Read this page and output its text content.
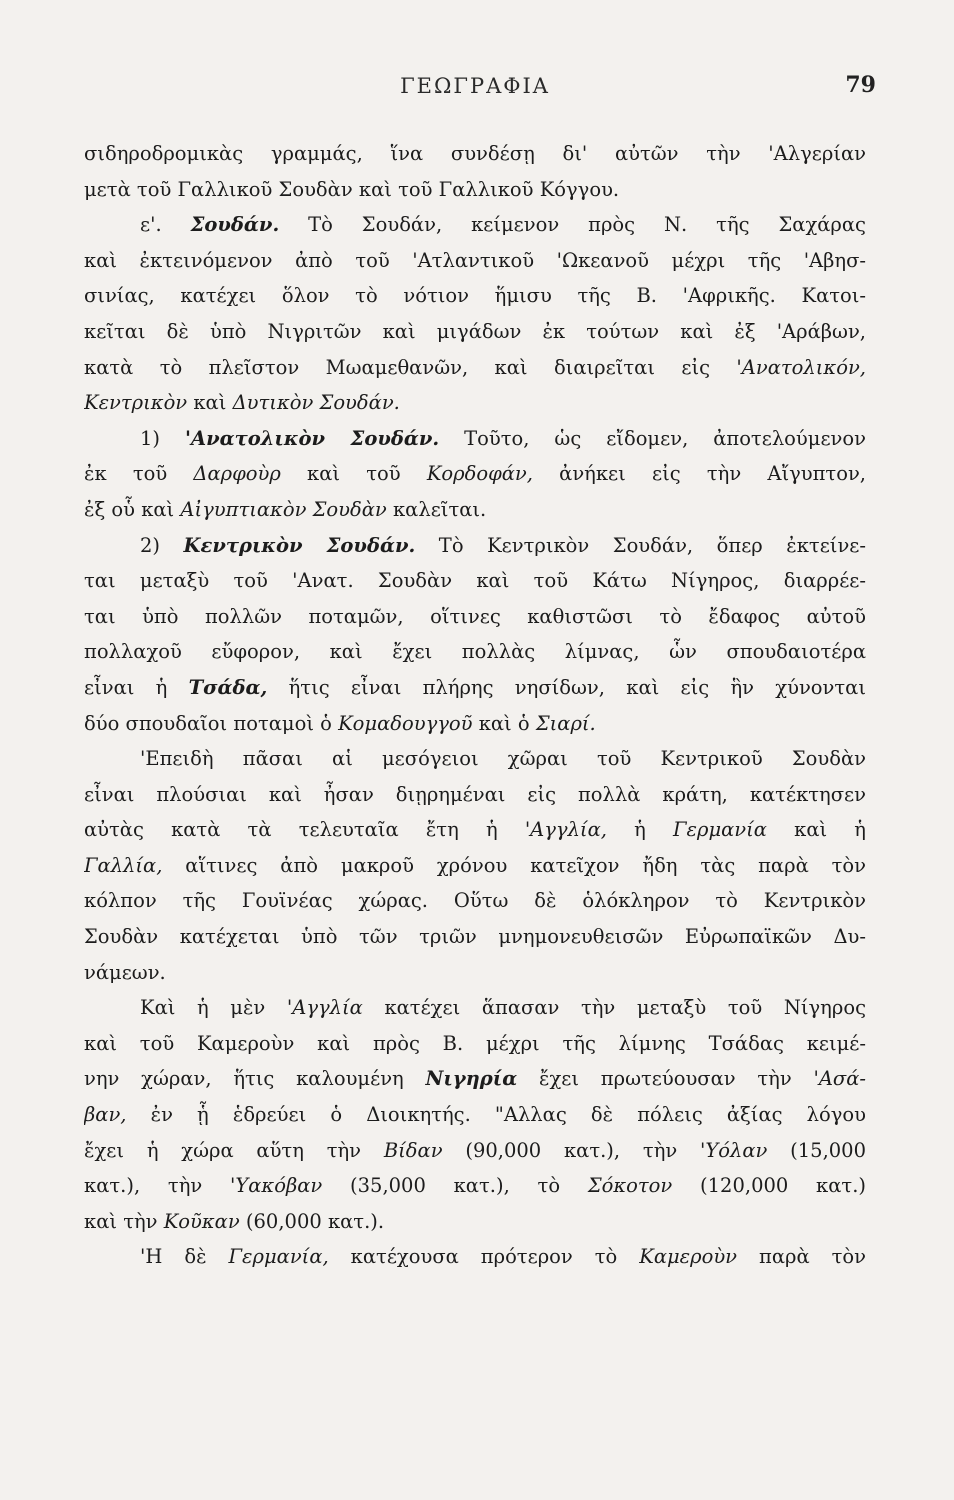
ΓΕΩΓΡΑΦΙΑ	79
σιδηροδρομικὰς γραμμάς, ἵνα συνδέσῃ δι' αὐτῶν τὴν 'Αλγερίαν
μετὰ τοῦ Γαλλικοῦ Σουδὰν καὶ τοῦ Γαλλικοῦ Κόγγου.
ε'. Σουδάν. Τὸ Σουδάν, κείμενον πρὸς Ν. τῆς Σαχάρας
καὶ ἐκτεινόμενον ἀπὸ τοῦ 'Ατλαντικοῦ 'Ωκεανοῦ μέχρι τῆς 'Αβησ-
σινίας, κατέχει ὅλον τὸ νότιον ἥμισυ τῆς Β. 'Αφρικῆς. Κατοι-
κεῖται δὲ ὑπὸ Νιγριτῶν καὶ μιγάδων ἐκ τούτων καὶ ἐξ 'Αράβων,
κατὰ τὸ πλεῖστον Μωαμεθανῶν, καὶ διαιρεῖται εἰς 'Ανατολικόν,
Κεντρικὸν καὶ Δυτικὸν Σουδάν.
1) 'Ανατολικὸν Σουδάν. Τοῦτο, ὡς εἴδομεν, ἀποτελούμενον
ἐκ τοῦ Δαρφοὺρ καὶ τοῦ Κορδοφάν, ἀνήκει εἰς τὴν Αἴγυπτον,
ἐξ οὗ καὶ Αἰγυπτιακὸν Σουδὰν καλεῖται.
2) Κεντρικὸν Σουδάν. Τὸ Κεντρικὸν Σουδάν, ὅπερ ἐκτείνε-
ται μεταξὺ τοῦ 'Ανατ. Σουδὰν καὶ τοῦ Κάτω Νίγηρος, διαρρέε-
ται ὑπὸ πολλῶν ποταμῶν, οἵτινες καθιστῶσι τὸ ἔδαφος αὐτοῦ
πολλαχοῦ εὔφορον, καὶ ἔχει πολλὰς λίμνας, ὧν σπουδαιοτέρα
εἶναι ἡ Τσάδα, ἥτις εἶναι πλήρης νησίδων, καὶ εἰς ἣν χύνονται
δύο σπουδαῖοι ποταμοὶ ὁ Κομαδουγγοῦ καὶ ὁ Σιαρί.
'Επειδὴ πᾶσαι αἱ μεσόγειοι χῶραι τοῦ Κεντρικοῦ Σουδὰν
εἶναι πλούσιαι καὶ ἦσαν διῃρημέναι εἰς πολλὰ κράτη, κατέκτησεν
αὐτὰς κατὰ τὰ τελευταῖα ἔτη ἡ 'Αγγλία, ἡ Γερμανία καὶ ἡ
Γαλλία, αἵτινες ἀπὸ μακροῦ χρόνου κατεῖχον ἤδη τὰς παρὰ τὸν
κόλπον τῆς Γουϊνέας χώρας. Οὕτω δὲ ὁλόκληρον τὸ Κεντρικὸν
Σουδὰν κατέχεται ὑπὸ τῶν τριῶν μνημονευθεισῶν Εὐρωπαϊκῶν Δυ-
νάμεων.
Καὶ ἡ μὲν 'Αγγλία κατέχει ἅπασαν τὴν μεταξὺ τοῦ Νίγηρος
καὶ τοῦ Καμεροὺν καὶ πρὸς Β. μέχρι τῆς λίμνης Τσάδας κειμέ-
νην χώραν, ἥτις καλουμένη Νιγηρία ἔχει πρωτεύουσαν τὴν 'Ασά-
βαν, ἐν ᾗ ἑδρεύει ὁ Διοικητής. "Αλλας δὲ πόλεις ἀξίας λόγου
ἔχει ἡ χώρα αὕτη τὴν Βίδαν (90,000 κατ.), τὴν 'Υόλαν (15,000
κατ.), τὴν 'Υακόβαν (35,000 κατ.), τὸ Σόκοτον (120,000 κατ.)
καὶ τὴν Κοῦκαν (60,000 κατ.).
'Η δὲ Γερμανία, κατέχουσα πρότερον τὸ Καμεροὺν παρὰ τὸν
